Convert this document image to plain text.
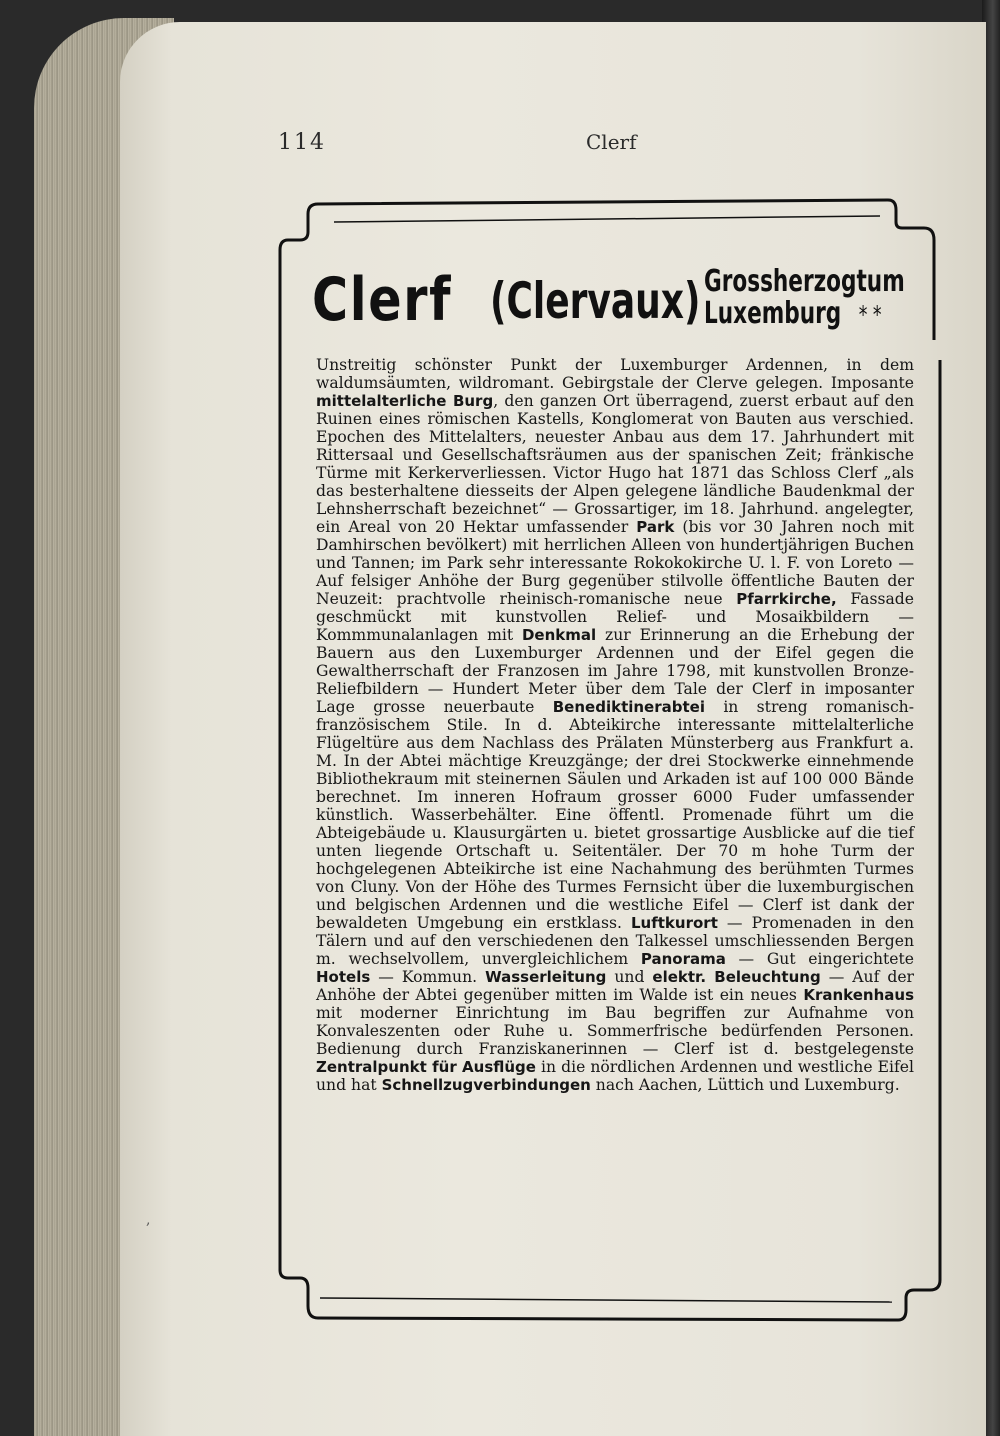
114	Clerf
Clerf (Clervaux) Grossherzogtum
Luxemburg * *

Unstreitig schönster Punkt der Luxemburger Ardennen, in dem waldumsäumten, wildromant. Gebirgstale der Clerve gelegen. Imposante mittelalterliche Burg, den ganzen Ort überragend, zuerst erbaut auf den Ruinen eines römischen Kastells, Konglomerat von Bauten aus verschied. Epochen des Mittelalters, neuester Anbau aus dem 17. Jahrhundert mit Rittersaal und Gesellschaftsräumen aus der spanischen Zeit; fränkische Türme mit Kerkerverliessen. Victor Hugo hat 1871 das Schloss Clerf „als das besterhaltene diesseits der Alpen gelegene ländliche Baudenkmal der Lehnsherrschaft bezeichnet“ — Grossartiger, im 18. Jahrhund. angelegter, ein Areal von 20 Hektar umfassender Park (bis vor 30 Jahren noch mit Damhirschen bevölkert) mit herrlichen Alleen von hundertjährigen Buchen und Tannen; im Park sehr interessante Rokokokirche U. l. F. von Loreto — Auf felsiger Anhöhe der Burg gegenüber stilvolle öffentliche Bauten der Neuzeit: prachtvolle rheinisch-romanische neue Pfarrkirche, Fassade geschmückt mit kunstvollen Relief- und Mosaikbildern — Kommmunalanlagen mit Denkmal zur Erinnerung an die Erhebung der Bauern aus den Luxemburger Ardennen und der Eifel gegen die Gewaltherrschaft der Franzosen im Jahre 1798, mit kunstvollen Bronze-Reliefbildern — Hundert Meter über dem Tale der Clerf in imposanter Lage grosse neuerbaute Benediktinerabtei in streng romanisch-französischem Stile. In d. Abteikirche interessante mittelalterliche Flügeltüre aus dem Nachlass des Prälaten Münsterberg aus Frankfurt a. M. In der Abtei mächtige Kreuzgänge; der drei Stockwerke einnehmende Bibliothekraum mit steinernen Säulen und Arkaden ist auf 100 000 Bände berechnet. Im inneren Hofraum grosser 6000 Fuder umfassender künstlich. Wasserbehälter. Eine öffentl. Promenade führt um die Abteigebäude u. Klausurgärten u. bietet grossartige Ausblicke auf die tief unten liegende Ortschaft u. Seitentäler. Der 70 m hohe Turm der hochgelegenen Abteikirche ist eine Nachahmung des berühmten Turmes von Cluny. Von der Höhe des Turmes Fernsicht über die luxemburgischen und belgischen Ardennen und die westliche Eifel — Clerf ist dank der bewaldeten Umgebung ein erstklass. Luftkurort — Promenaden in den Tälern und auf den verschiedenen den Talkessel umschliessenden Bergen m. wechselvollem, unvergleichlichem Panorama — Gut eingerichtete Hotels — Kommun. Wasserleitung und elektr. Beleuchtung — Auf der Anhöhe der Abtei gegenüber mitten im Walde ist ein neues Krankenhaus mit moderner Einrichtung im Bau begriffen zur Aufnahme von Konvaleszenten oder Ruhe u. Sommerfrische bedürfenden Personen. Bedienung durch Franziskanerinnen — Clerf ist d. bestgelegenste Zentralpunkt für Ausflüge in die nördlichen Ardennen und westliche Eifel und hat Schnellzugverbindungen nach Aachen, Lüttich und Luxemburg.

,
